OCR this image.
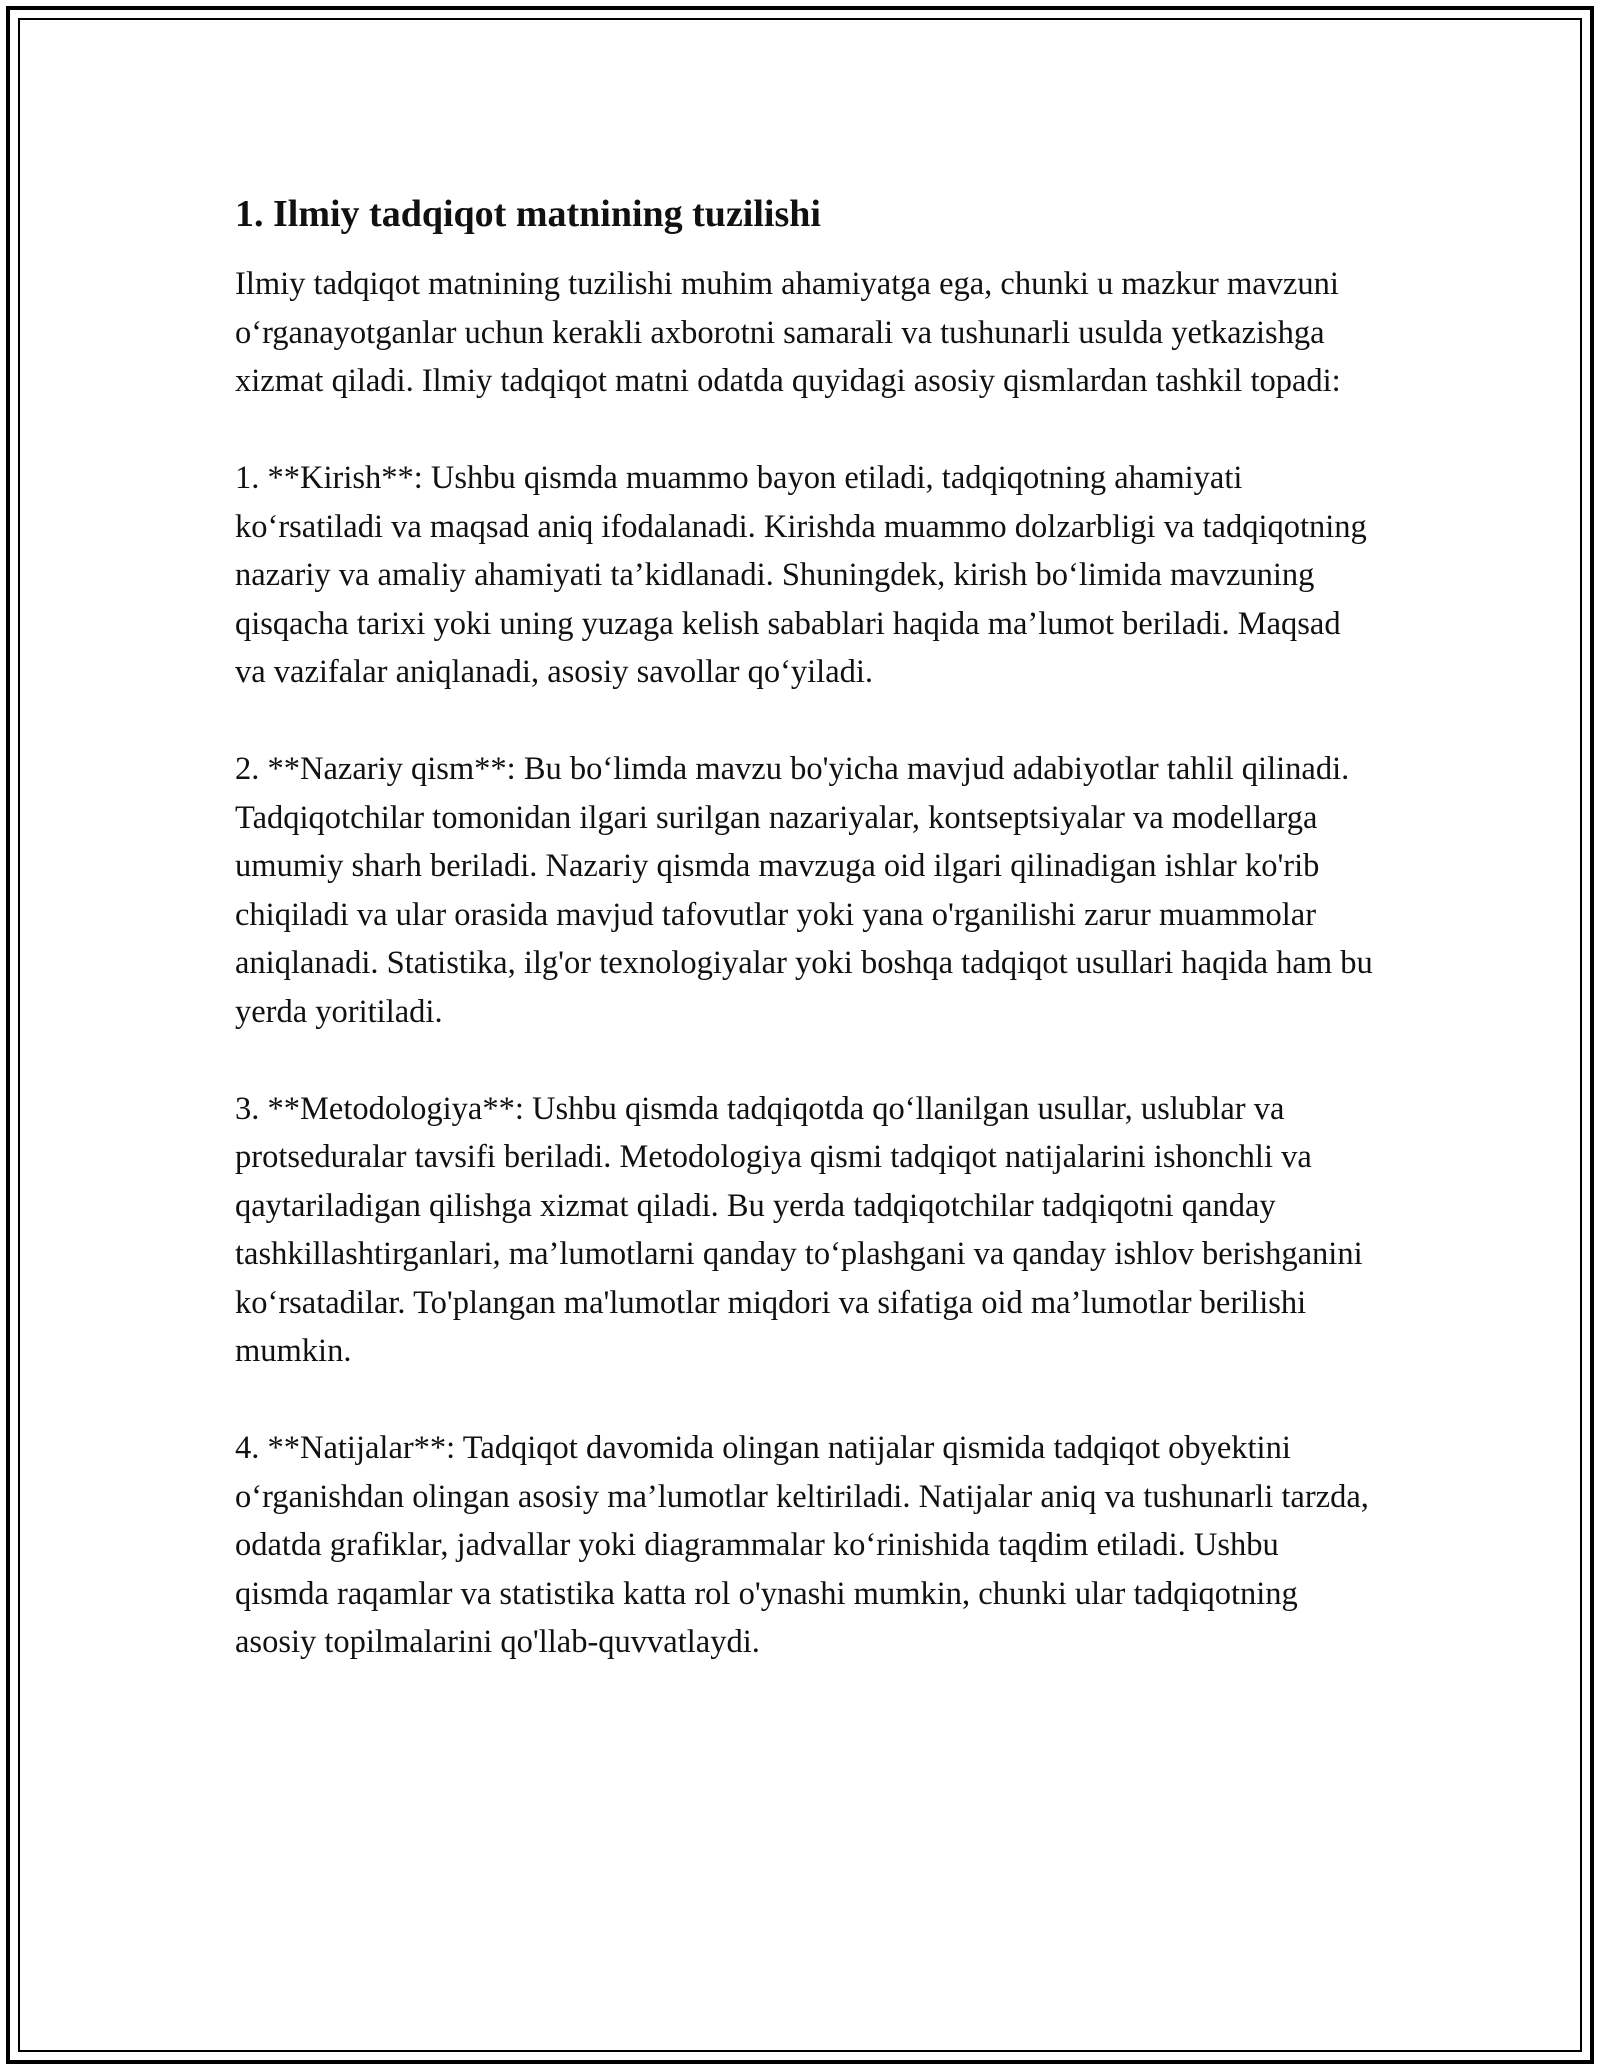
1. Ilmiy tadqiqot matnining tuzilishi

Ilmiy tadqiqot matnining tuzilishi muhim ahamiyatga ega, chunki u mazkur mavzuni o‘rganayotganlar uchun kerakli axborotni samarali va tushunarli usulda yetkazishga xizmat qiladi. Ilmiy tadqiqot matni odatda quyidagi asosiy qismlardan tashkil topadi:

1. **Kirish**: Ushbu qismda muammo bayon etiladi, tadqiqotning ahamiyati ko‘rsatiladi va maqsad aniq ifodalanadi. Kirishda muammo dolzarbligi va tadqiqotning nazariy va amaliy ahamiyati ta’kidlanadi. Shuningdek, kirish bo‘limida mavzuning qisqacha tarixi yoki uning yuzaga kelish sabablari haqida ma’lumot beriladi. Maqsad va vazifalar aniqlanadi, asosiy savollar qo‘yiladi.

2. **Nazariy qism**: Bu bo‘limda mavzu bo'yicha mavjud adabiyotlar tahlil qilinadi. Tadqiqotchilar tomonidan ilgari surilgan nazariyalar, kontseptsiyalar va modellarga umumiy sharh beriladi. Nazariy qismda mavzuga oid ilgari qilinadigan ishlar ko'rib chiqiladi va ular orasida mavjud tafovutlar yoki yana o'rganilishi zarur muammolar aniqlanadi. Statistika, ilg'or texnologiyalar yoki boshqa tadqiqot usullari haqida ham bu yerda yoritiladi.

3. **Metodologiya**: Ushbu qismda tadqiqotda qo‘llanilgan usullar, uslublar va protseduralar tavsifi beriladi. Metodologiya qismi tadqiqot natijalarini ishonchli va qaytariladigan qilishga xizmat qiladi. Bu yerda tadqiqotchilar tadqiqotni qanday tashkillashtirganlari, ma’lumotlarni qanday to‘plashgani va qanday ishlov berishganini ko‘rsatadilar. To'plangan ma'lumotlar miqdori va sifatiga oid ma’lumotlar berilishi mumkin.

4. **Natijalar**: Tadqiqot davomida olingan natijalar qismida tadqiqot obyektini o‘rganishdan olingan asosiy ma’lumotlar keltiriladi. Natijalar aniq va tushunarli tarzda, odatda grafiklar, jadvallar yoki diagrammalar ko‘rinishida taqdim etiladi. Ushbu qismda raqamlar va statistika katta rol o'ynashi mumkin, chunki ular tadqiqotning asosiy topilmalarini qo'llab-quvvatlaydi.
